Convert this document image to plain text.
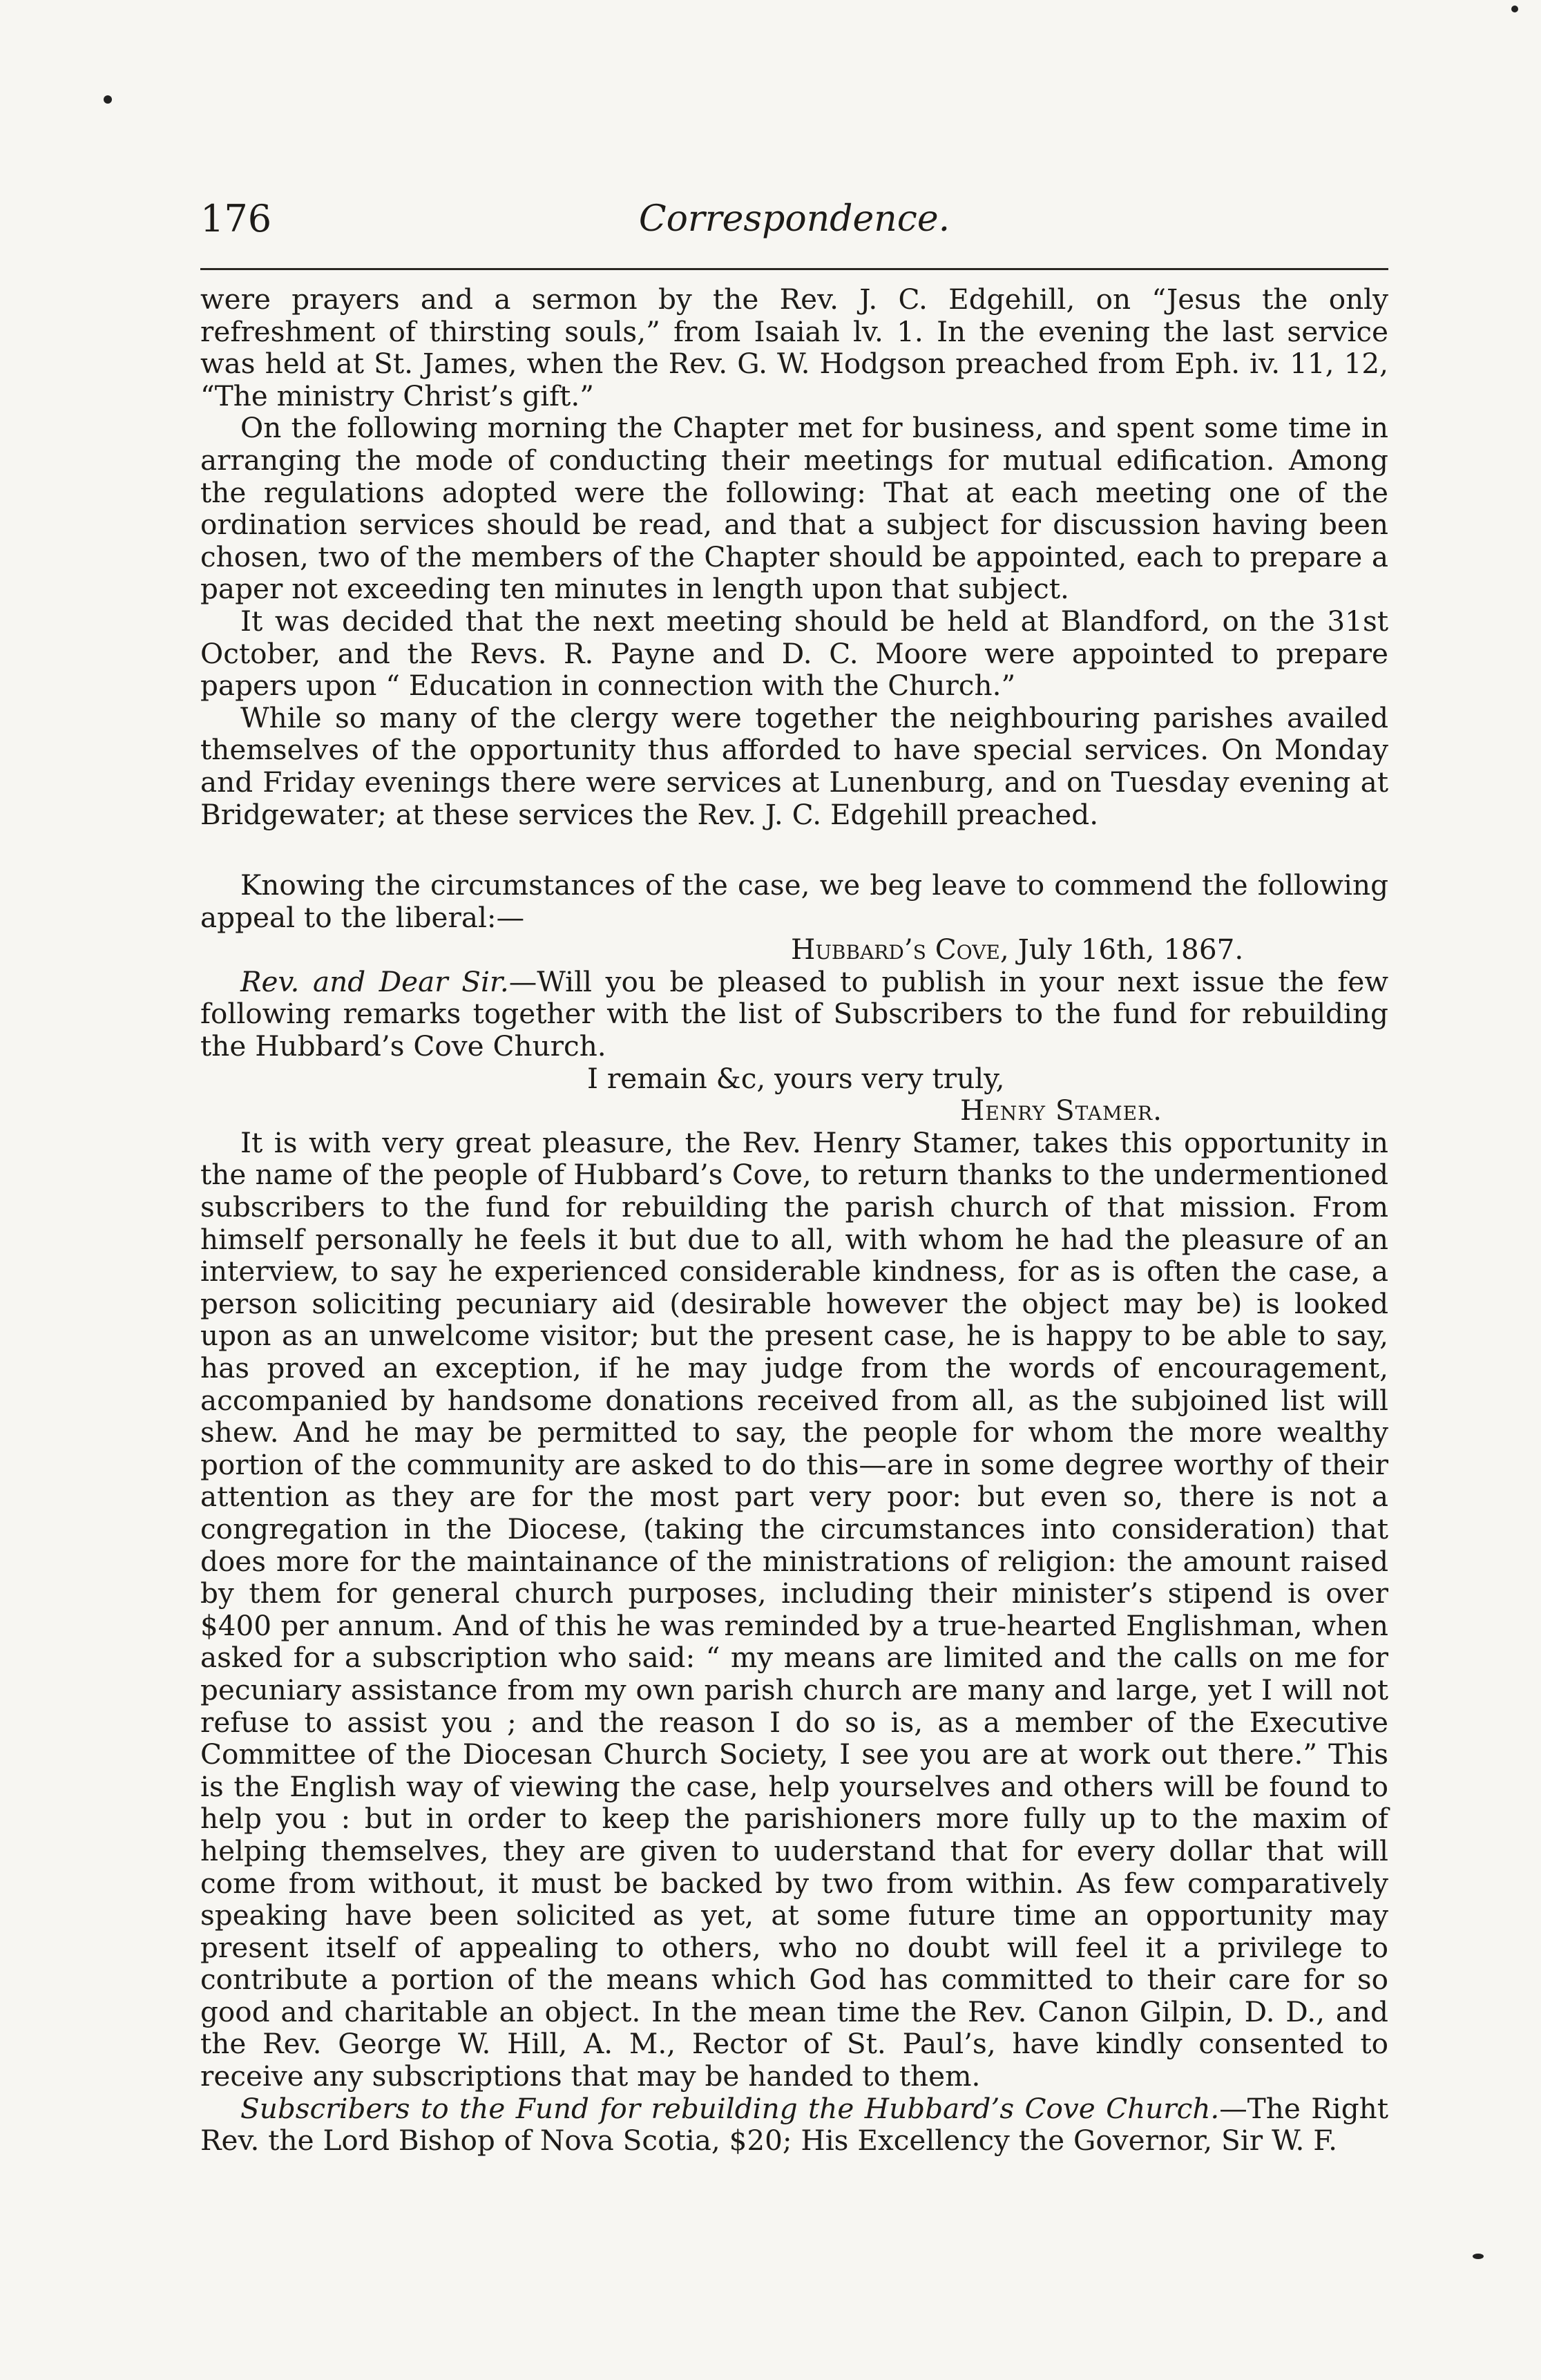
176	Correspondence.

were prayers and a sermon by the Rev. J. C. Edgehill, on “Jesus the only refreshment of thirsting souls,” from Isaiah lv. 1. In the evening the last service was held at St. James, when the Rev. G. W. Hodgson preached from Eph. iv. 11, 12, “The ministry Christ’s gift.”

On the following morning the Chapter met for business, and spent some time in arranging the mode of conducting their meetings for mutual edification. Among the regulations adopted were the following: That at each meeting one of the ordination services should be read, and that a subject for discussion having been chosen, two of the members of the Chapter should be appointed, each to prepare a paper not exceeding ten minutes in length upon that subject.

It was decided that the next meeting should be held at Blandford, on the 31st October, and the Revs. R. Payne and D. C. Moore were appointed to prepare papers upon “ Education in connection with the Church.”

While so many of the clergy were together the neighbouring parishes availed themselves of the opportunity thus afforded to have special services. On Monday and Friday evenings there were services at Lunenburg, and on Tuesday evening at Bridgewater; at these services the Rev. J. C. Edgehill preached.

Knowing the circumstances of the case, we beg leave to commend the following appeal to the liberal:—

Hubbard’s Cove, July 16th, 1867.

Rev. and Dear Sir.—Will you be pleased to publish in your next issue the few following remarks together with the list of Subscribers to the fund for rebuilding the Hubbard’s Cove Church.

I remain &c, yours very truly,

Henry Stamer.

It is with very great pleasure, the Rev. Henry Stamer, takes this opportunity in the name of the people of Hubbard’s Cove, to return thanks to the undermentioned subscribers to the fund for rebuilding the parish church of that mission. From himself personally he feels it but due to all, with whom he had the pleasure of an interview, to say he experienced considerable kindness, for as is often the case, a person soliciting pecuniary aid (desirable however the object may be) is looked upon as an unwelcome visitor; but the present case, he is happy to be able to say, has proved an exception, if he may judge from the words of encouragement, accompanied by handsome donations received from all, as the subjoined list will shew. And he may be permitted to say, the people for whom the more wealthy portion of the community are asked to do this—are in some degree worthy of their attention as they are for the most part very poor: but even so, there is not a congregation in the Diocese, (taking the circumstances into consideration) that does more for the maintainance of the ministrations of religion: the amount raised by them for general church purposes, including their minister’s stipend is over $400 per annum. And of this he was reminded by a true-hearted Englishman, when asked for a subscription who said: “ my means are limited and the calls on me for pecuniary assistance from my own parish church are many and large, yet I will not refuse to assist you ; and the reason I do so is, as a member of the Executive Committee of the Diocesan Church Society, I see you are at work out there.” This is the English way of viewing the case, help yourselves and others will be found to help you : but in order to keep the parishioners more fully up to the maxim of helping themselves, they are given to uuderstand that for every dollar that will come from without, it must be backed by two from within. As few comparatively speaking have been solicited as yet, at some future time an opportunity may present itself of appealing to others, who no doubt will feel it a privilege to contribute a portion of the means which God has committed to their care for so good and charitable an object. In the mean time the Rev. Canon Gilpin, D. D., and the Rev. George W. Hill, A. M., Rector of St. Paul’s, have kindly consented to receive any subscriptions that may be handed to them.

Subscribers to the Fund for rebuilding the Hubbard’s Cove Church.—The Right Rev. the Lord Bishop of Nova Scotia, $20; His Excellency the Governor, Sir W. F.
